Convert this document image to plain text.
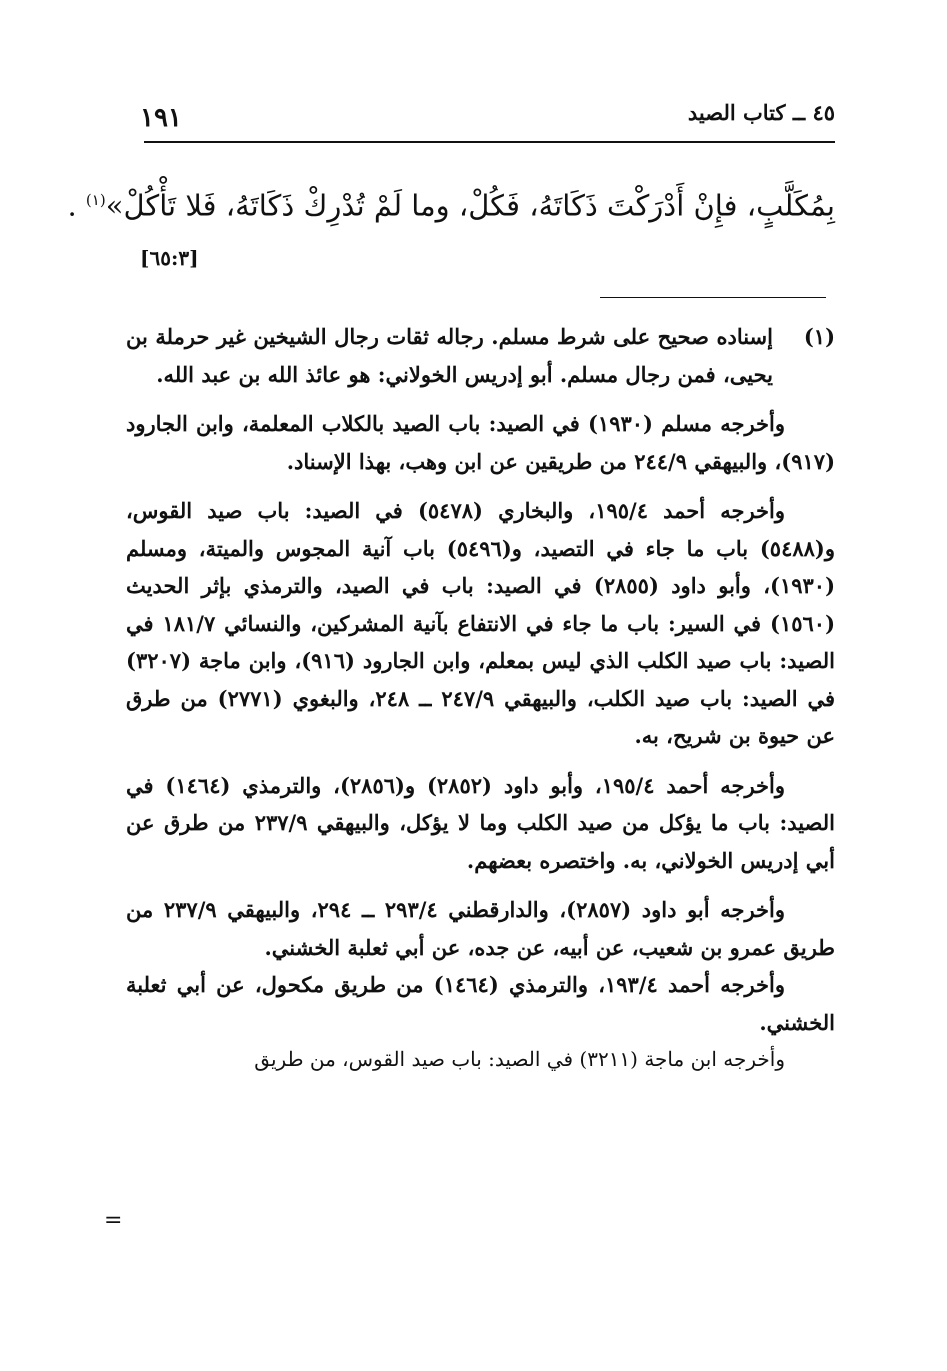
٤٥ ــ كتاب الصيد
١٩١
بِمُكَلَّبٍ، فإِنْ أَدْرَكْتَ ذَكَاتَهُ، فَكُلْ، وما لَمْ تُدْرِكْ ذَكَاتَهُ، فَلا تَأْكُلْ»$^{(١)}$ .
[٦٥:٣]
(١)
إسناده صحيح على شرط مسلم. رجاله ثقات رجال الشيخين غير حرملة بن يحيى، فمن رجال مسلم. أبو إدريس الخولاني: هو عائذ الله بن عبد الله.

وأخرجه مسلم (١٩٣٠) في الصيد: باب الصيد بالكلاب المعلمة، وابن الجارود (٩١٧)، والبيهقي ٢٤٤/٩ من طريقين عن ابن وهب، بهذا الإسناد.

وأخرجه أحمد ١٩٥/٤، والبخاري (٥٤٧٨) في الصيد: باب صيد القوس، و(٥٤٨٨) باب ما جاء في التصيد، و(٥٤٩٦) باب آنية المجوس والميتة، ومسلم (١٩٣٠)، وأبو داود (٢٨٥٥) في الصيد: باب في الصيد، والترمذي بإثر الحديث (١٥٦٠) في السير: باب ما جاء في الانتفاع بآنية المشركين، والنسائي ١٨١/٧ في الصيد: باب صيد الكلب الذي ليس بمعلم، وابن الجارود (٩١٦)، وابن ماجة (٣٢٠٧) في الصيد: باب صيد الكلب، والبيهقي ٢٤٧/٩ ــ ٢٤٨، والبغوي (٢٧٧١) من طرق عن حيوة بن شريح، به.

وأخرجه أحمد ١٩٥/٤، وأبو داود (٢٨٥٢) و(٢٨٥٦)، والترمذي (١٤٦٤) في الصيد: باب ما يؤكل من صيد الكلب وما لا يؤكل، والبيهقي ٢٣٧/٩ من طرق عن أبي إدريس الخولاني، به. واختصره بعضهم.

وأخرجه أبو داود (٢٨٥٧)، والدارقطني ٢٩٣/٤ ــ ٢٩٤، والبيهقي ٢٣٧/٩ من طريق عمرو بن شعيب، عن أبيه، عن جده، عن أبي ثعلبة الخشني.

وأخرجه أحمد ١٩٣/٤، والترمذي (١٤٦٤) من طريق مكحول، عن أبي ثعلبة الخشني.

وأخرجه ابن ماجة (٣٢١١) في الصيد: باب صيد القوس، من طريق

=
